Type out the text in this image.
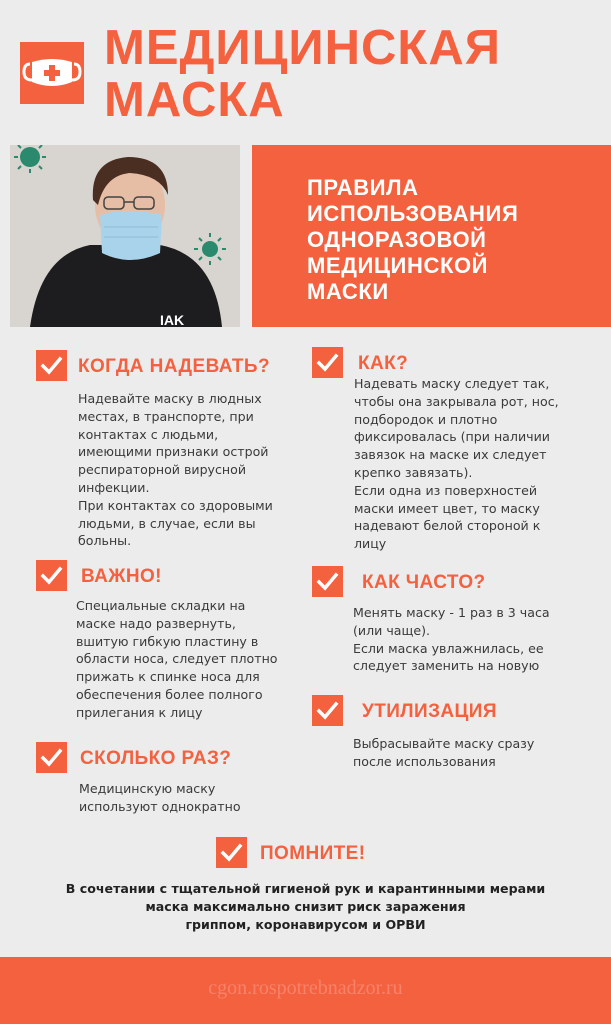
МЕДИЦИНСКАЯ
МАСКА
IAK
ПРАВИЛА
ИСПОЛЬЗОВАНИЯ
ОДНОРАЗОВОЙ
МЕДИЦИНСКОЙ
МАСКИ
КОГДА НАДЕВАТЬ?
Надевайте маску в людных
местах, в транспорте, при
контактах с людьми,
имеющими признаки острой
респираторной вирусной
инфекции.
При контактах со здоровыми
людьми, в случае, если вы
больны.
КАК?
Надевать маску следует так,
чтобы она закрывала рот, нос,
подбородок и плотно
фиксировалась (при наличии
завязок на маске их следует
крепко завязать).
Если одна из поверхностей
маски имеет цвет, то маску
надевают белой стороной к
лицу
ВАЖНО!
Специальные складки на
маске надо развернуть,
вшитую гибкую пластину в
области носа, следует плотно
прижать к спинке носа для
обеспечения более полного
прилегания к лицу
КАК ЧАСТО?
Менять маску - 1 раз в 3 часа
(или чаще).
Если маска увлажнилась, ее
следует заменить на новую
УТИЛИЗАЦИЯ
Выбрасывайте маску сразу
после использования
СКОЛЬКО РАЗ?
Медицинскую маску
используют однократно
ПОМНИТЕ!
В сочетании с тщательной гигиеной рук и карантинными мерами
маска максимально снизит риск заражения
гриппом, коронавирусом и ОРВИ
cgon.rospotrebnadzor.ru
